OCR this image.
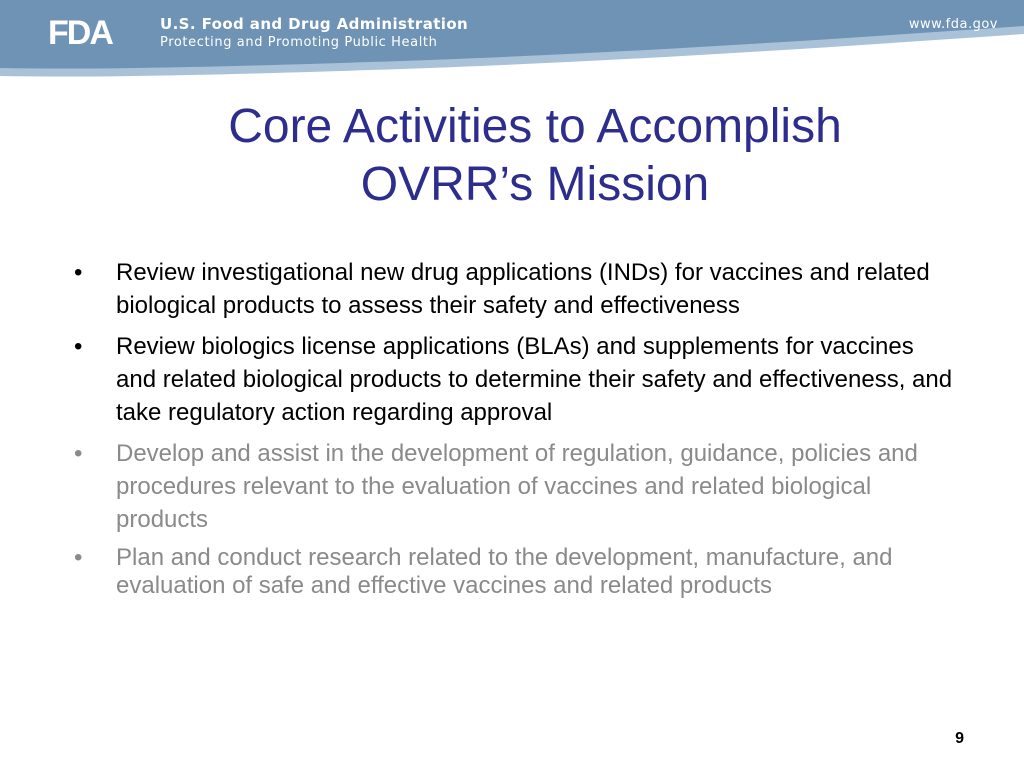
FDA	U.S. Food and Drug Administration
Protecting and Promoting Public Health
www.fda.gov
Core Activities to Accomplish
OVRR’s Mission
•	Review investigational new drug applications (INDs) for vaccines and related biological products to assess their safety and effectiveness
•	Review biologics license applications (BLAs) and supplements for vaccines and related biological products to determine their safety and effectiveness, and take regulatory action regarding approval
•	Develop and assist in the development of regulation, guidance, policies and procedures relevant to the evaluation of vaccines and related biological products
•	Plan and conduct research related to the development, manufacture, and evaluation of safe and effective vaccines and related products
9
